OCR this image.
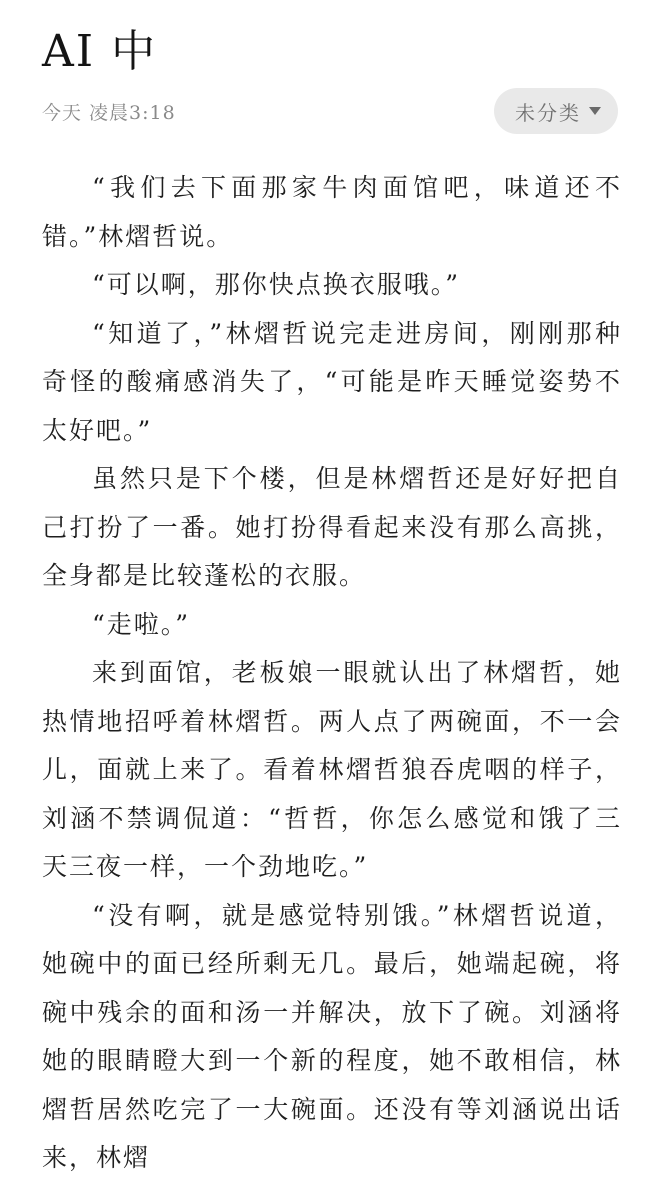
AI 中
今天 凌晨3:18	未分类

“我们去下面那家牛肉面馆吧，味道还不错。”林熠哲说。

“可以啊，那你快点换衣服哦。”

“知道了，”林熠哲说完走进房间，刚刚那种奇怪的酸痛感消失了，“可能是昨天睡觉姿势不太好吧。”

虽然只是下个楼，但是林熠哲还是好好把自己打扮了一番。她打扮得看起来没有那么高挑，全身都是比较蓬松的衣服。

“走啦。”

来到面馆，老板娘一眼就认出了林熠哲，她热情地招呼着林熠哲。两人点了两碗面，不一会儿，面就上来了。看着林熠哲狼吞虎咽的样子，刘涵不禁调侃道：“哲哲，你怎么感觉和饿了三天三夜一样，一个劲地吃。”

“没有啊，就是感觉特别饿。”林熠哲说道，她碗中的面已经所剩无几。最后，她端起碗，将碗中残余的面和汤一并解决，放下了碗。刘涵将她的眼睛瞪大到一个新的程度，她不敢相信，林熠哲居然吃完了一大碗面。还没有等刘涵说出话来，林熠
